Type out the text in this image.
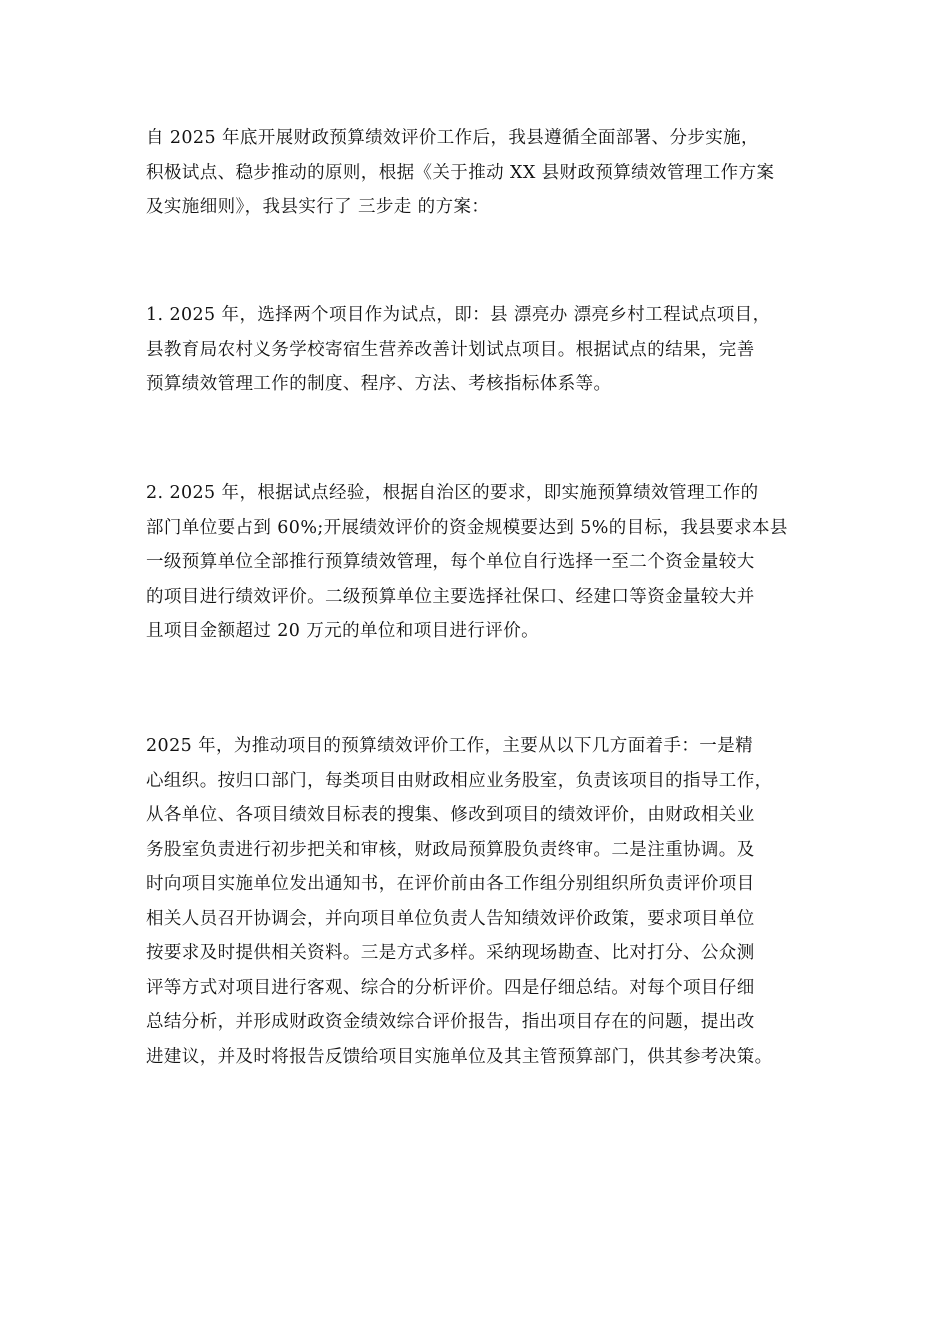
自 2025 年底开展财政预算绩效评价工作后，我县遵循全面部署、分步实施，
积极试点、稳步推动的原则，根据《关于推动 XX 县财政预算绩效管理工作方案
及实施细则》，我县实行了 三步走 的方案：
1. 2025 年，选择两个项目作为试点，即：县 漂亮办 漂亮乡村工程试点项目，
县教育局农村义务学校寄宿生营养改善计划试点项目。根据试点的结果，完善
预算绩效管理工作的制度、程序、方法、考核指标体系等。
2. 2025 年，根据试点经验，根据自治区的要求，即实施预算绩效管理工作的
部门单位要占到 60%;开展绩效评价的资金规模要达到 5%的目标，我县要求本县
一级预算单位全部推行预算绩效管理，每个单位自行选择一至二个资金量较大
的项目进行绩效评价。二级预算单位主要选择社保口、经建口等资金量较大并
且项目金额超过 20 万元的单位和项目进行评价。
2025 年，为推动项目的预算绩效评价工作，主要从以下几方面着手：一是精
心组织。按归口部门，每类项目由财政相应业务股室，负责该项目的指导工作，
从各单位、各项目绩效目标表的搜集、修改到项目的绩效评价，由财政相关业
务股室负责进行初步把关和审核，财政局预算股负责终审。二是注重协调。及
时向项目实施单位发出通知书，在评价前由各工作组分别组织所负责评价项目
相关人员召开协调会，并向项目单位负责人告知绩效评价政策，要求项目单位
按要求及时提供相关资料。三是方式多样。采纳现场勘查、比对打分、公众测
评等方式对项目进行客观、综合的分析评价。四是仔细总结。对每个项目仔细
总结分析，并形成财政资金绩效综合评价报告，指出项目存在的问题，提出改
进建议，并及时将报告反馈给项目实施单位及其主管预算部门，供其参考决策。
